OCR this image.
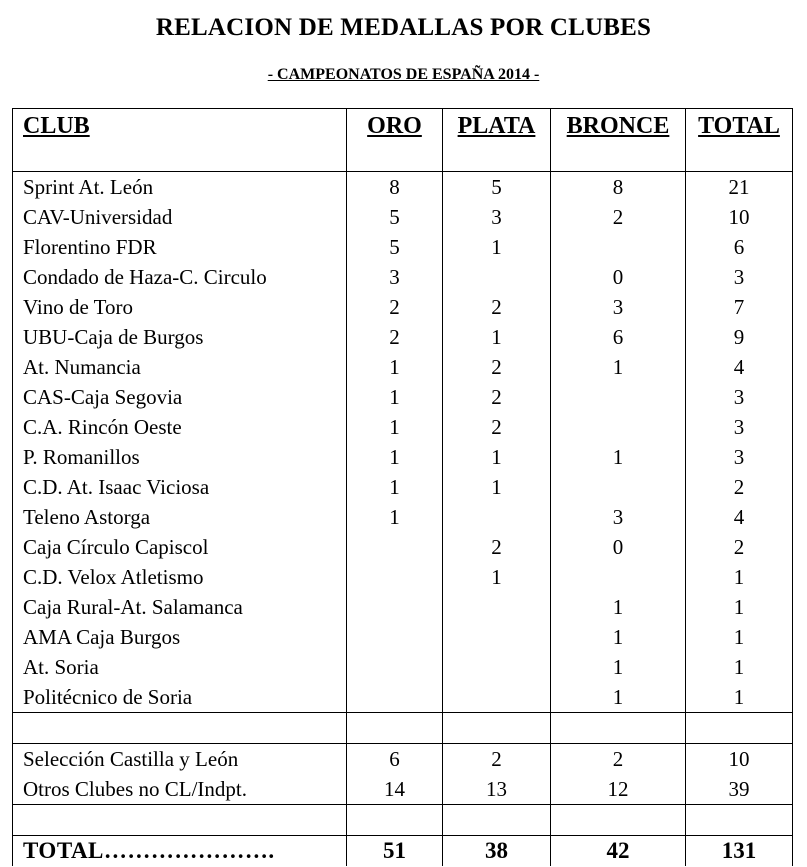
RELACION DE MEDALLAS POR CLUBES
- CAMPEONATOS DE ESPAÑA 2014 -
CLUB	ORO	PLATA	BRONCE	TOTAL
Sprint At. León	8	5	8	21
CAV-Universidad	5	3	2	10
Florentino FDR	5	1		6
Condado de Haza-C. Circulo	3		0	3
Vino de Toro	2	2	3	7
UBU-Caja de Burgos	2	1	6	9
At. Numancia	1	2	1	4
CAS-Caja Segovia	1	2		3
C.A. Rincón Oeste	1	2		3
P. Romanillos	1	1	1	3
C.D. At. Isaac Viciosa	1	1		2
Teleno Astorga	1		3	4
Caja Círculo Capiscol		2	0	2
C.D. Velox Atletismo		1		1
Caja Rural-At. Salamanca			1	1
AMA Caja Burgos			1	1
At. Soria			1	1
Politécnico de Soria			1	1

Selección Castilla y León	6	2	2	10
Otros Clubes no CL/Indpt.	14	13	12	39

TOTAL………………….	51	38	42	131
